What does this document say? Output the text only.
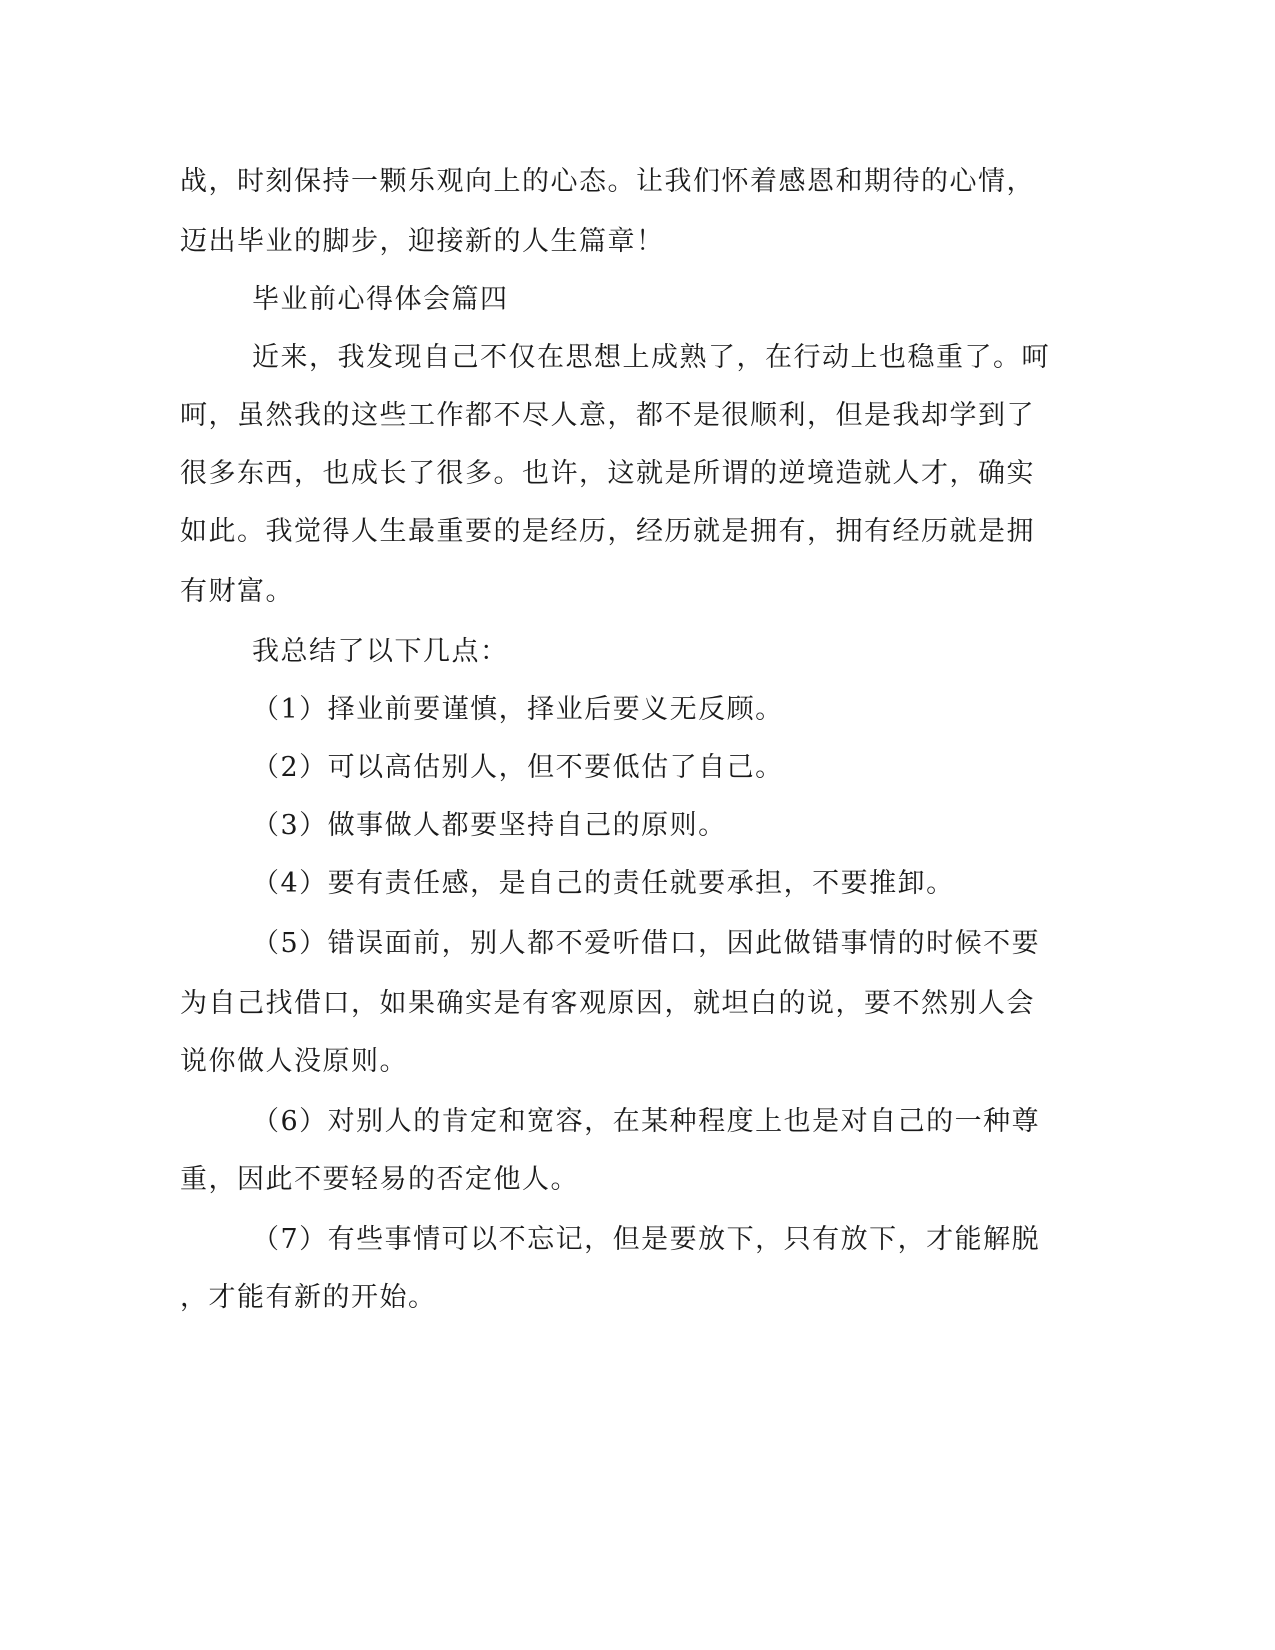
战，时刻保持一颗乐观向上的心态。让我们怀着感恩和期待的心情，
迈出毕业的脚步，迎接新的人生篇章！
毕业前心得体会篇四
近来，我发现自己不仅在思想上成熟了，在行动上也稳重了。呵
呵，虽然我的这些工作都不尽人意，都不是很顺利，但是我却学到了
很多东西，也成长了很多。也许，这就是所谓的逆境造就人才，确实
如此。我觉得人生最重要的是经历，经历就是拥有，拥有经历就是拥
有财富。
我总结了以下几点：
（1）择业前要谨慎，择业后要义无反顾。
（2）可以高估别人，但不要低估了自己。
（3）做事做人都要坚持自己的原则。
（4）要有责任感，是自己的责任就要承担，不要推卸。
（5）错误面前，别人都不爱听借口，因此做错事情的时候不要
为自己找借口，如果确实是有客观原因，就坦白的说，要不然别人会
说你做人没原则。
（6）对别人的肯定和宽容，在某种程度上也是对自己的一种尊
重，因此不要轻易的否定他人。
（7）有些事情可以不忘记，但是要放下，只有放下，才能解脱
，才能有新的开始。
